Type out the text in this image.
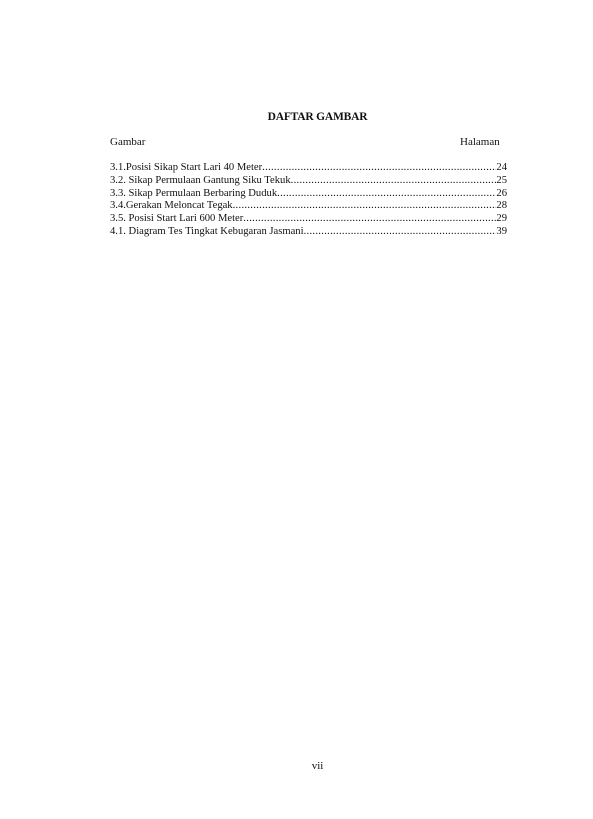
DAFTAR GAMBAR
Gambar	Halaman
3.1.Posisi Sikap Start Lari 40 Meter .....	24
3.2. Sikap Permulaan Gantung Siku Tekuk .....	25
3.3. Sikap Permulaan Berbaring Duduk .....	26
3.4.Gerakan Meloncat Tegak .....	28
3.5. Posisi Start Lari 600 Meter .....	29
4.1. Diagram Tes Tingkat Kebugaran Jasmani .....	39
vii
